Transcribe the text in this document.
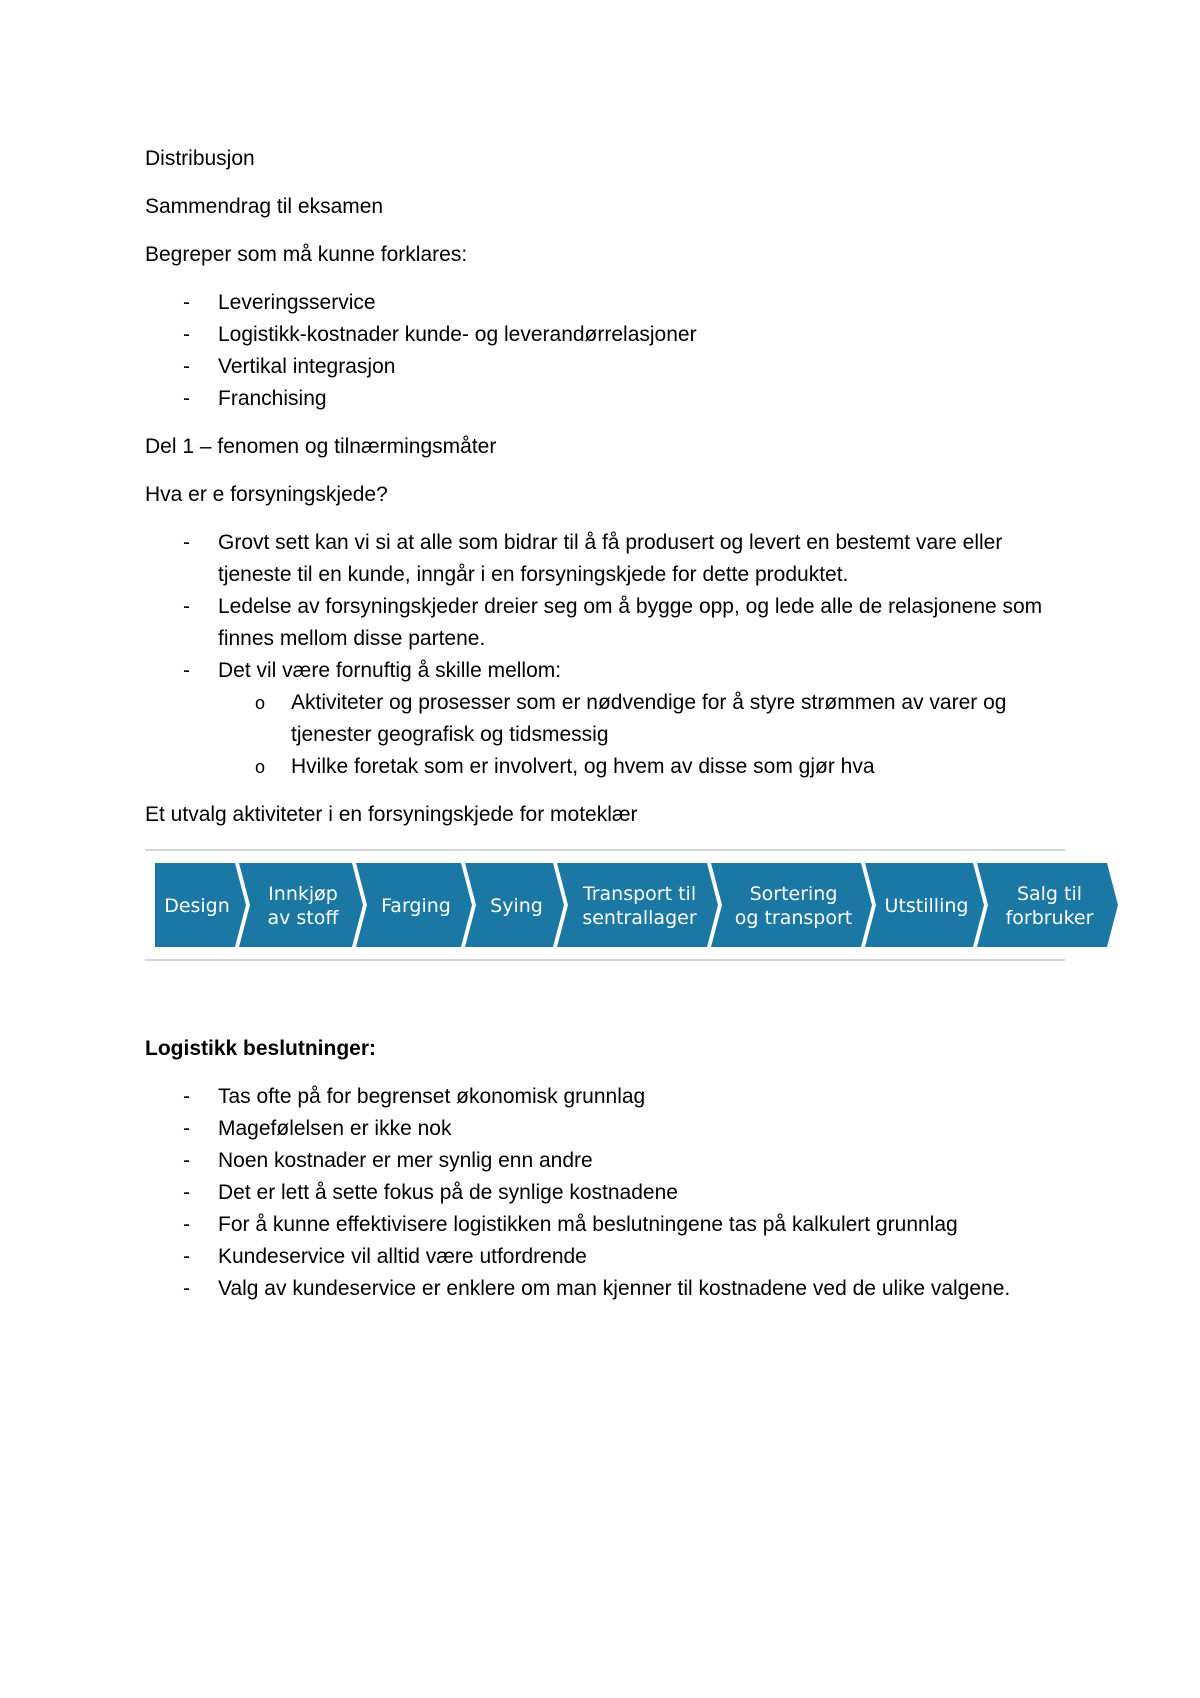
Distribusjon

Sammendrag til eksamen

Begreper som må kunne forklares:

- Leveringsservice
- Logistikk-kostnader kunde- og leverandørrelasjoner
- Vertikal integrasjon
- Franchising

Del 1 – fenomen og tilnærmingsmåter

Hva er e forsyningskjede?

- Grovt sett kan vi si at alle som bidrar til å få produsert og levert en bestemt vare eller tjeneste til en kunde, inngår i en forsyningskjede for dette produktet.
- Ledelse av forsyningskjeder dreier seg om å bygge opp, og lede alle de relasjonene som finnes mellom disse partene.
- Det vil være fornuftig å skille mellom:
o Aktiviteter og prosesser som er nødvendige for å styre strømmen av varer og tjenester geografisk og tidsmessig
o Hvilke foretak som er involvert, og hvem av disse som gjør hva

Et utvalg aktiviteter i en forsyningskjede for moteklær

Design
Innkjøp
av stoff
Farging Sying
Transport til
sentrallager
Sortering
og transport
Utstilling
Salg til
forbruker

Logistikk beslutninger:

- Tas ofte på for begrenset økonomisk grunnlag
- Magefølelsen er ikke nok
- Noen kostnader er mer synlig enn andre
- Det er lett å sette fokus på de synlige kostnadene
- For å kunne effektivisere logistikken må beslutningene tas på kalkulert grunnlag
- Kundeservice vil alltid være utfordrende
- Valg av kundeservice er enklere om man kjenner til kostnadene ved de ulike valgene.
